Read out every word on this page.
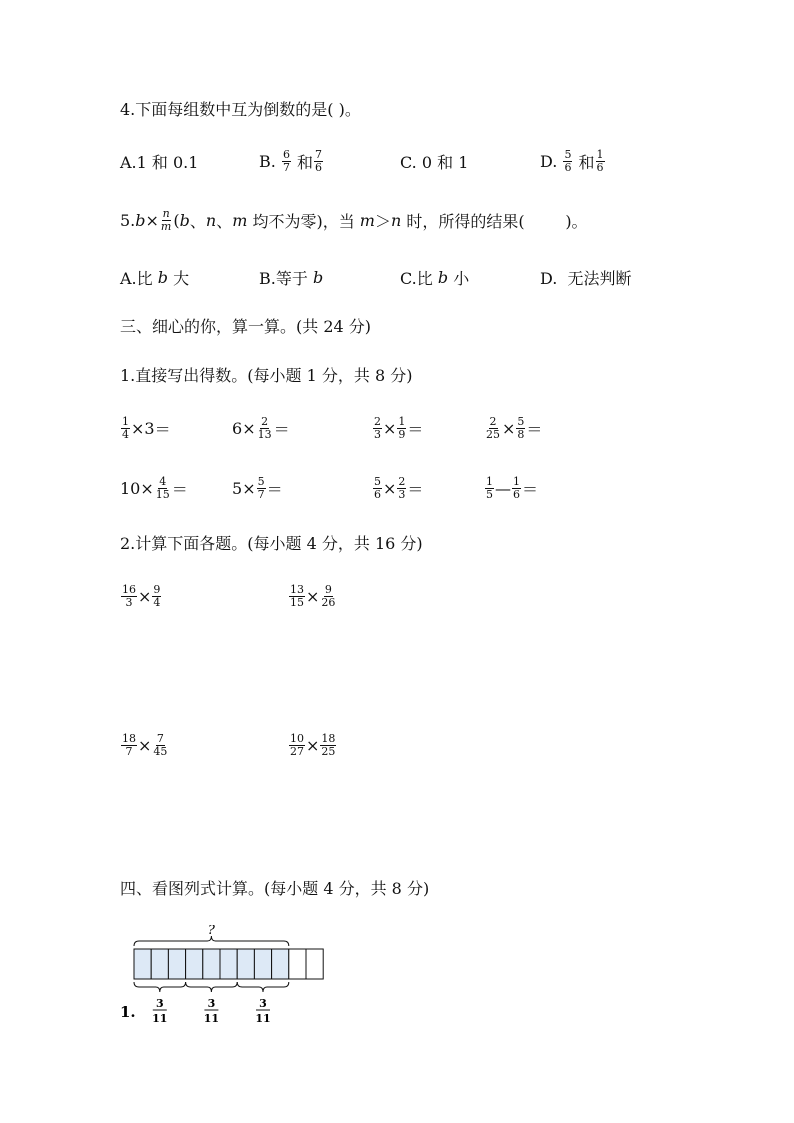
4.下面每组数中互为倒数的是( )。
A.1 和 0.1	B.
$\frac{6}{7}$
和 $\frac{7}{6}$	C. 0 和 1	D.
$\frac{5}{6}$
和 $\frac{1}{6}$
5. $b \times \frac{n}{m}$ ( b 、 n 、 m 均不为零)，当 m ＞ n 时，所得的结果(        )。
A.比 b 大	B.等于 b	C.比 b 小	D.  无法判断
三、细心的你，算一算。(共 24 分)
1.直接写出得数。(每小题 1 分，共 8 分)
$\frac{1}{4} \times 3$ ＝	$6 \times \frac{2}{13}$ ＝	$\frac{2}{3} \times \frac{1}{9}$ ＝	$\frac{2}{25} \times \frac{5}{8}$ ＝
$10 \times \frac{4}{15}$ ＝	$5 \times \frac{5}{7}$ ＝	$\frac{5}{6} \times \frac{2}{3}$ ＝	$\frac{1}{5}$ — $\frac{1}{6}$ ＝
2.计算下面各题。(每小题 4 分，共 16 分)
$\frac{16}{3} \times \frac{9}{4}$	$\frac{13}{15} \times \frac{9}{26}$
$\frac{18}{7} \times \frac{7}{45}$	$\frac{10}{27} \times \frac{18}{25}$
四、看图列式计算。(每小题 4 分，共 8 分)
?
3
11
3
11
3
11
1.
